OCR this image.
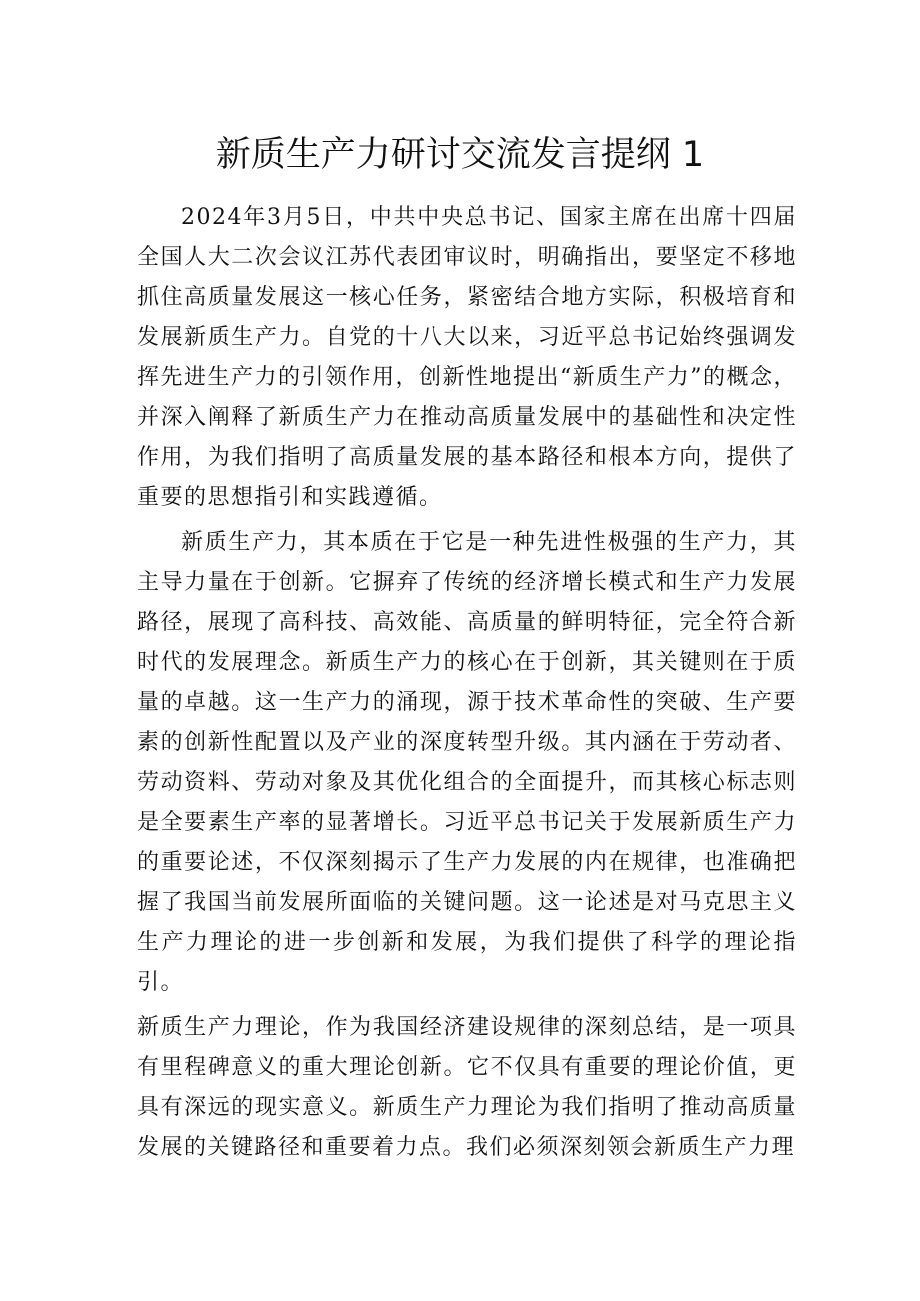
新质生产力研讨交流发言提纲 1

2024年3月5日，中共中央总书记、国家主席在出席十四届全国人大二次会议江苏代表团审议时，明确指出，要坚定不移地抓住高质量发展这一核心任务，紧密结合地方实际，积极培育和发展新质生产力。自党的十八大以来，习近平总书记始终强调发挥先进生产力的引领作用，创新性地提出“新质生产力”的概念，并深入阐释了新质生产力在推动高质量发展中的基础性和决定性作用，为我们指明了高质量发展的基本路径和根本方向，提供了重要的思想指引和实践遵循。

新质生产力，其本质在于它是一种先进性极强的生产力，其主导力量在于创新。它摒弃了传统的经济增长模式和生产力发展路径，展现了高科技、高效能、高质量的鲜明特征，完全符合新时代的发展理念。新质生产力的核心在于创新，其关键则在于质量的卓越。这一生产力的涌现，源于技术革命性的突破、生产要素的创新性配置以及产业的深度转型升级。其内涵在于劳动者、劳动资料、劳动对象及其优化组合的全面提升，而其核心标志则是全要素生产率的显著增长。习近平总书记关于发展新质生产力的重要论述，不仅深刻揭示了生产力发展的内在规律，也准确把握了我国当前发展所面临的关键问题。这一论述是对马克思主义生产力理论的进一步创新和发展，为我们提供了科学的理论指引。

新质生产力理论，作为我国经济建设规律的深刻总结，是一项具有里程碑意义的重大理论创新。它不仅具有重要的理论价值，更具有深远的现实意义。新质生产力理论为我们指明了推动高质量发展的关键路径和重要着力点。我们必须深刻领会新质生产力理
